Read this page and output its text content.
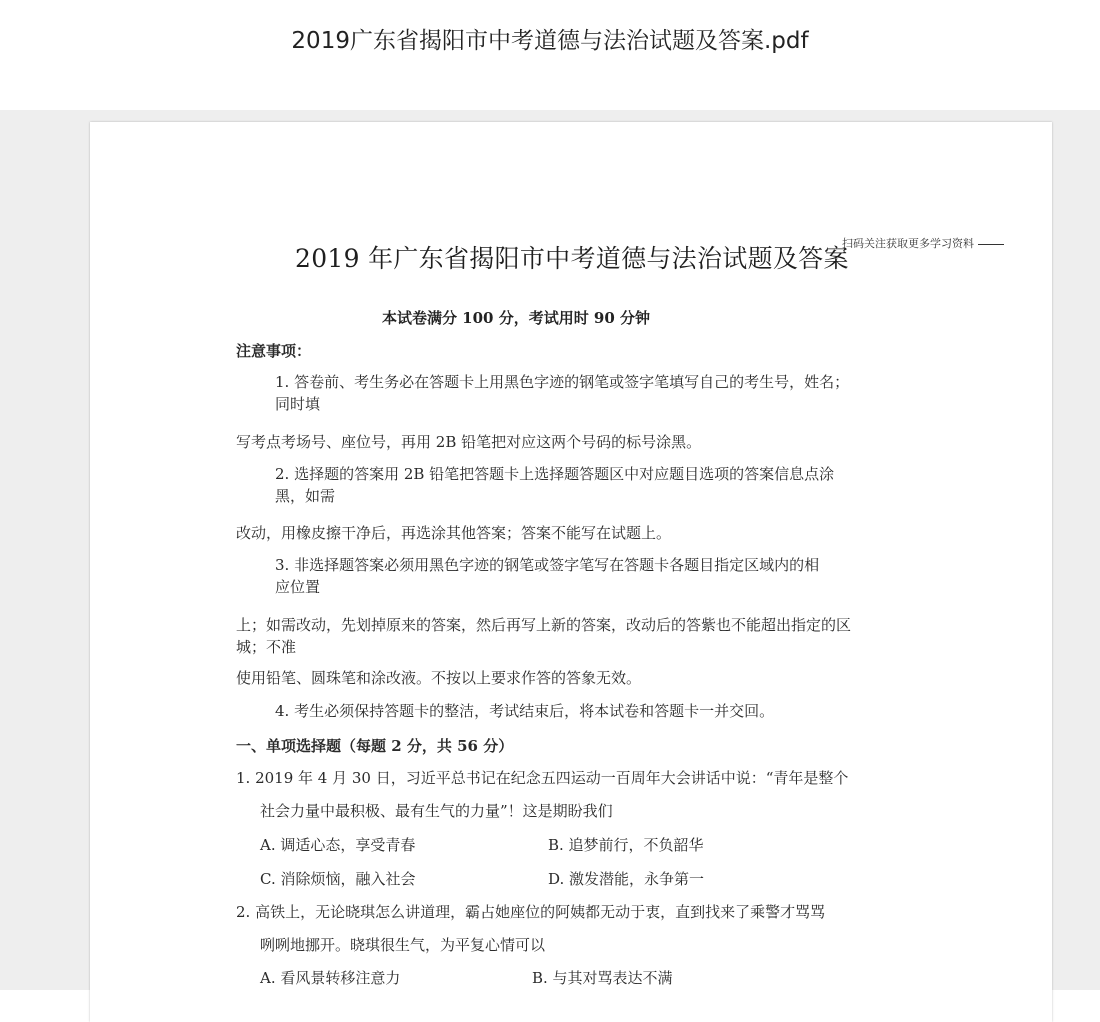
2019广东省揭阳市中考道德与法治试题及答案.pdf
扫码关注获取更多学习资料
2019 年广东省揭阳市中考道德与法治试题及答案
本试卷满分 100 分，考试用时 90 分钟
注意事项：
1. 答卷前、考生务必在答题卡上用黑色字迹的钢笔或签字笔填写自己的考生号，姓名；
同时填
写考点考场号、座位号，再用 2B 铅笔把对应这两个号码的标号涂黑。
2. 选择题的答案用 2B 铅笔把答题卡上选择题答题区中对应题目选项的答案信息点涂
黑，如需
改动，用橡皮擦干净后，再选涂其他答案；答案不能写在试题上。
3. 非选择题答案必须用黑色字迹的钢笔或签字笔写在答题卡各题目指定区域内的相
应位置
上；如需改动，先划掉原来的答案，然后再写上新的答案，改动后的答紫也不能超出指定的区
城；不准
使用铅笔、圆珠笔和涂改液。不按以上要求作答的答象无效。
4. 考生必须保持答题卡的整洁，考试结束后，将本试卷和答题卡一并交回。
一、单项选择题（每题 2 分，共 56 分）
1. 2019 年 4 月 30 日，习近平总书记在纪念五四运动一百周年大会讲话中说：“青年是整个
社会力量中最积极、最有生气的力量”！这是期盼我们
A. 调适心态，享受青春	B. 追梦前行，不负韶华
C. 消除烦恼，融入社会	D. 激发潜能，永争第一
2. 高铁上，无论晓琪怎么讲道理，霸占她座位的阿姨都无动于衷，直到找来了乘警才骂骂
咧咧地挪开。晓琪很生气，为平复心情可以
A. 看风景转移注意力	B. 与其对骂表达不满
